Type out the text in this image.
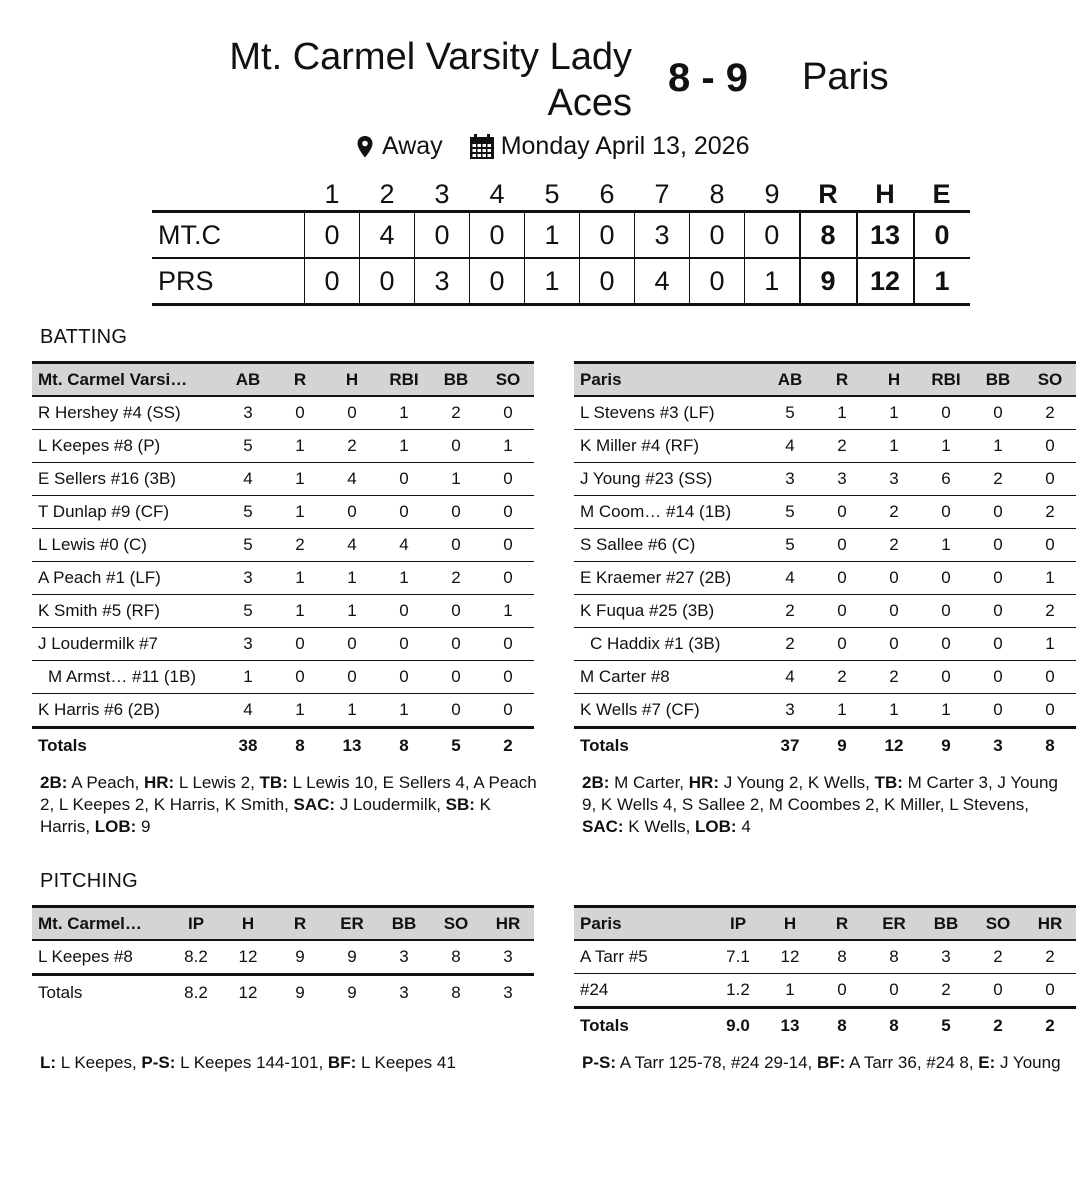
Mt. Carmel Varsity Lady Aces
8 - 9 Paris
Away Monday April 13, 2026
	1	2	3	4	5	6	7	8	9	R	H	E
MT.C	0	4	0	0	1	0	3	0	0	8	13	0
PRS	0	0	3	0	1	0	4	0	1	9	12	1
BATTING
Mt. Carmel Varsi…	AB	R	H	RBI	BB	SO
R Hershey #4 (SS)	3	0	0	1	2	0
L Keepes #8 (P)	5	1	2	1	0	1
E Sellers #16 (3B)	4	1	4	0	1	0
T Dunlap #9 (CF)	5	1	0	0	0	0
L Lewis #0 (C)	5	2	4	4	0	0
A Peach #1 (LF)	3	1	1	1	2	0
K Smith #5 (RF)	5	1	1	0	0	1
J Loudermilk #7	3	0	0	0	0	0
M Armst… #11 (1B)	1	0	0	0	0	0
K Harris #6 (2B)	4	1	1	1	0	0
Totals	38	8	13	8	5	2
Paris	AB	R	H	RBI	BB	SO
L Stevens #3 (LF)	5	1	1	0	0	2
K Miller #4 (RF)	4	2	1	1	1	0
J Young #23 (SS)	3	3	3	6	2	0
M Coom… #14 (1B)	5	0	2	0	0	2
S Sallee #6 (C)	5	0	2	1	0	0
E Kraemer #27 (2B)	4	0	0	0	0	1
K Fuqua #25 (3B)	2	0	0	0	0	2
C Haddix #1 (3B)	2	0	0	0	0	1
M Carter #8	4	2	2	0	0	0
K Wells #7 (CF)	3	1	1	1	0	0
Totals	37	9	12	9	3	8
2B: A Peach, HR: L Lewis 2, TB: L Lewis 10, E Sellers 4, A Peach 2, L Keepes 2, K Harris, K Smith, SAC: J Loudermilk, SB: K Harris, LOB: 9
2B: M Carter, HR: J Young 2, K Wells, TB: M Carter 3, J Young 9, K Wells 4, S Sallee 2, M Coombes 2, K Miller, L Stevens, SAC: K Wells, LOB: 4
PITCHING
Mt. Carmel…	IP	H	R	ER	BB	SO	HR
L Keepes #8	8.2	12	9	9	3	8	3
Totals	8.2	12	9	9	3	8	3
Paris	IP	H	R	ER	BB	SO	HR
A Tarr #5	7.1	12	8	8	3	2	2
#24	1.2	1	0	0	2	0	0
Totals	9.0	13	8	8	5	2	2
L: L Keepes, P-S: L Keepes 144-101, BF: L Keepes 41	P-S: A Tarr 125-78, #24 29-14, BF: A Tarr 36, #24 8, E: J Young
